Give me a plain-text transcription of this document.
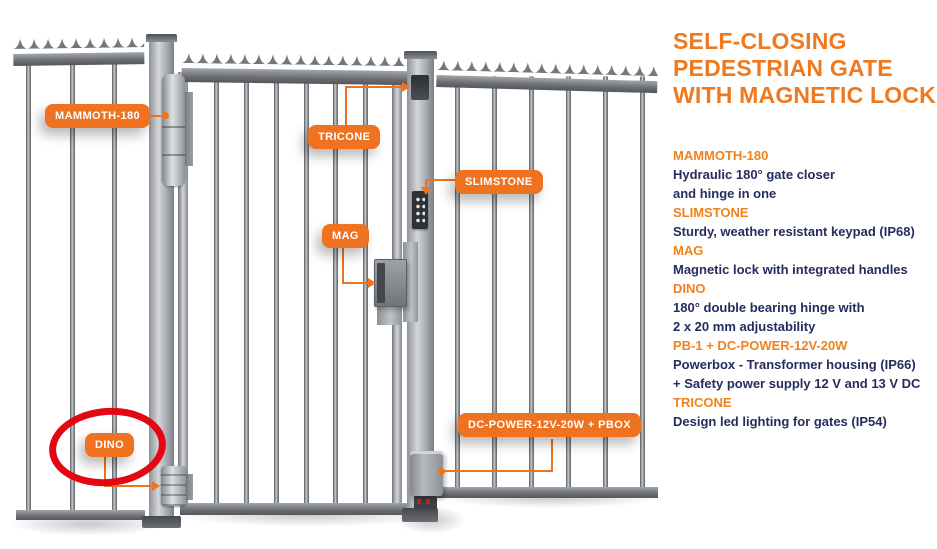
MAMMOTH-180
TRICONE
SLIMSTONE
MAG
DINO
DC-POWER-12V-20W + PBOX
SELF-CLOSING
PEDESTRIAN GATE
WITH MAGNETIC LOCK
MAMMOTH-180
Hydraulic 180° gate closer
and hinge in one
SLIMSTONE
Sturdy, weather resistant keypad (IP68)
MAG
Magnetic lock with integrated handles
DINO
180° double bearing hinge with
2 x 20 mm adjustability
PB-1 + DC-POWER-12V-20W
Powerbox - Transformer housing (IP66)
+ Safety power supply 12 V and 13 V DC
TRICONE
Design led lighting for gates (IP54)
